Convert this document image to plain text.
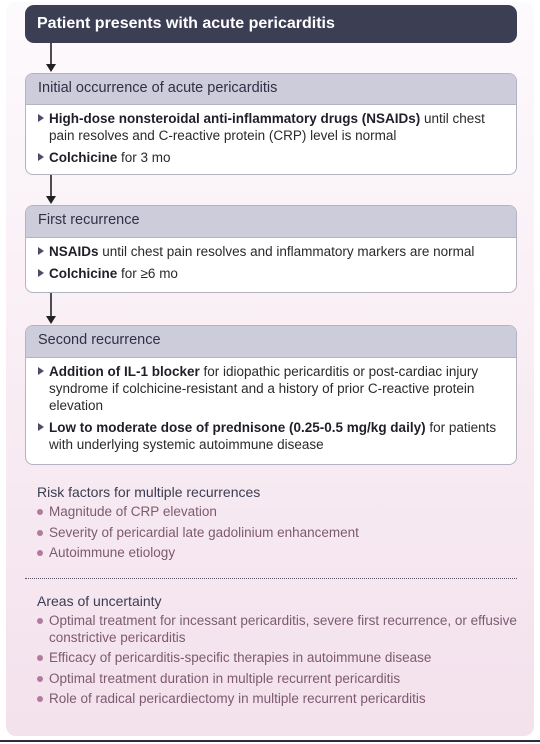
Patient presents with acute pericarditis
Initial occurrence of acute pericarditis
High-dose nonsteroidal anti-inflammatory drugs (NSAIDs) until chest pain resolves and C-reactive protein (CRP) level is normal
Colchicine for 3 mo
First recurrence
NSAIDs until chest pain resolves and inflammatory markers are normal
Colchicine for ≥6 mo
Second recurrence
Addition of IL-1 blocker for idiopathic pericarditis or post-cardiac injury syndrome if colchicine-resistant and a history of prior C-reactive protein elevation
Low to moderate dose of prednisone (0.25-0.5 mg/kg daily) for patients with underlying systemic autoimmune disease
Risk factors for multiple recurrences
Magnitude of CRP elevation
Severity of pericardial late gadolinium enhancement
Autoimmune etiology
Areas of uncertainty
Optimal treatment for incessant pericarditis, severe first recurrence, or effusive constrictive pericarditis
Efficacy of pericarditis-specific therapies in autoimmune disease
Optimal treatment duration in multiple recurrent pericarditis
Role of radical pericardiectomy in multiple recurrent pericarditis
